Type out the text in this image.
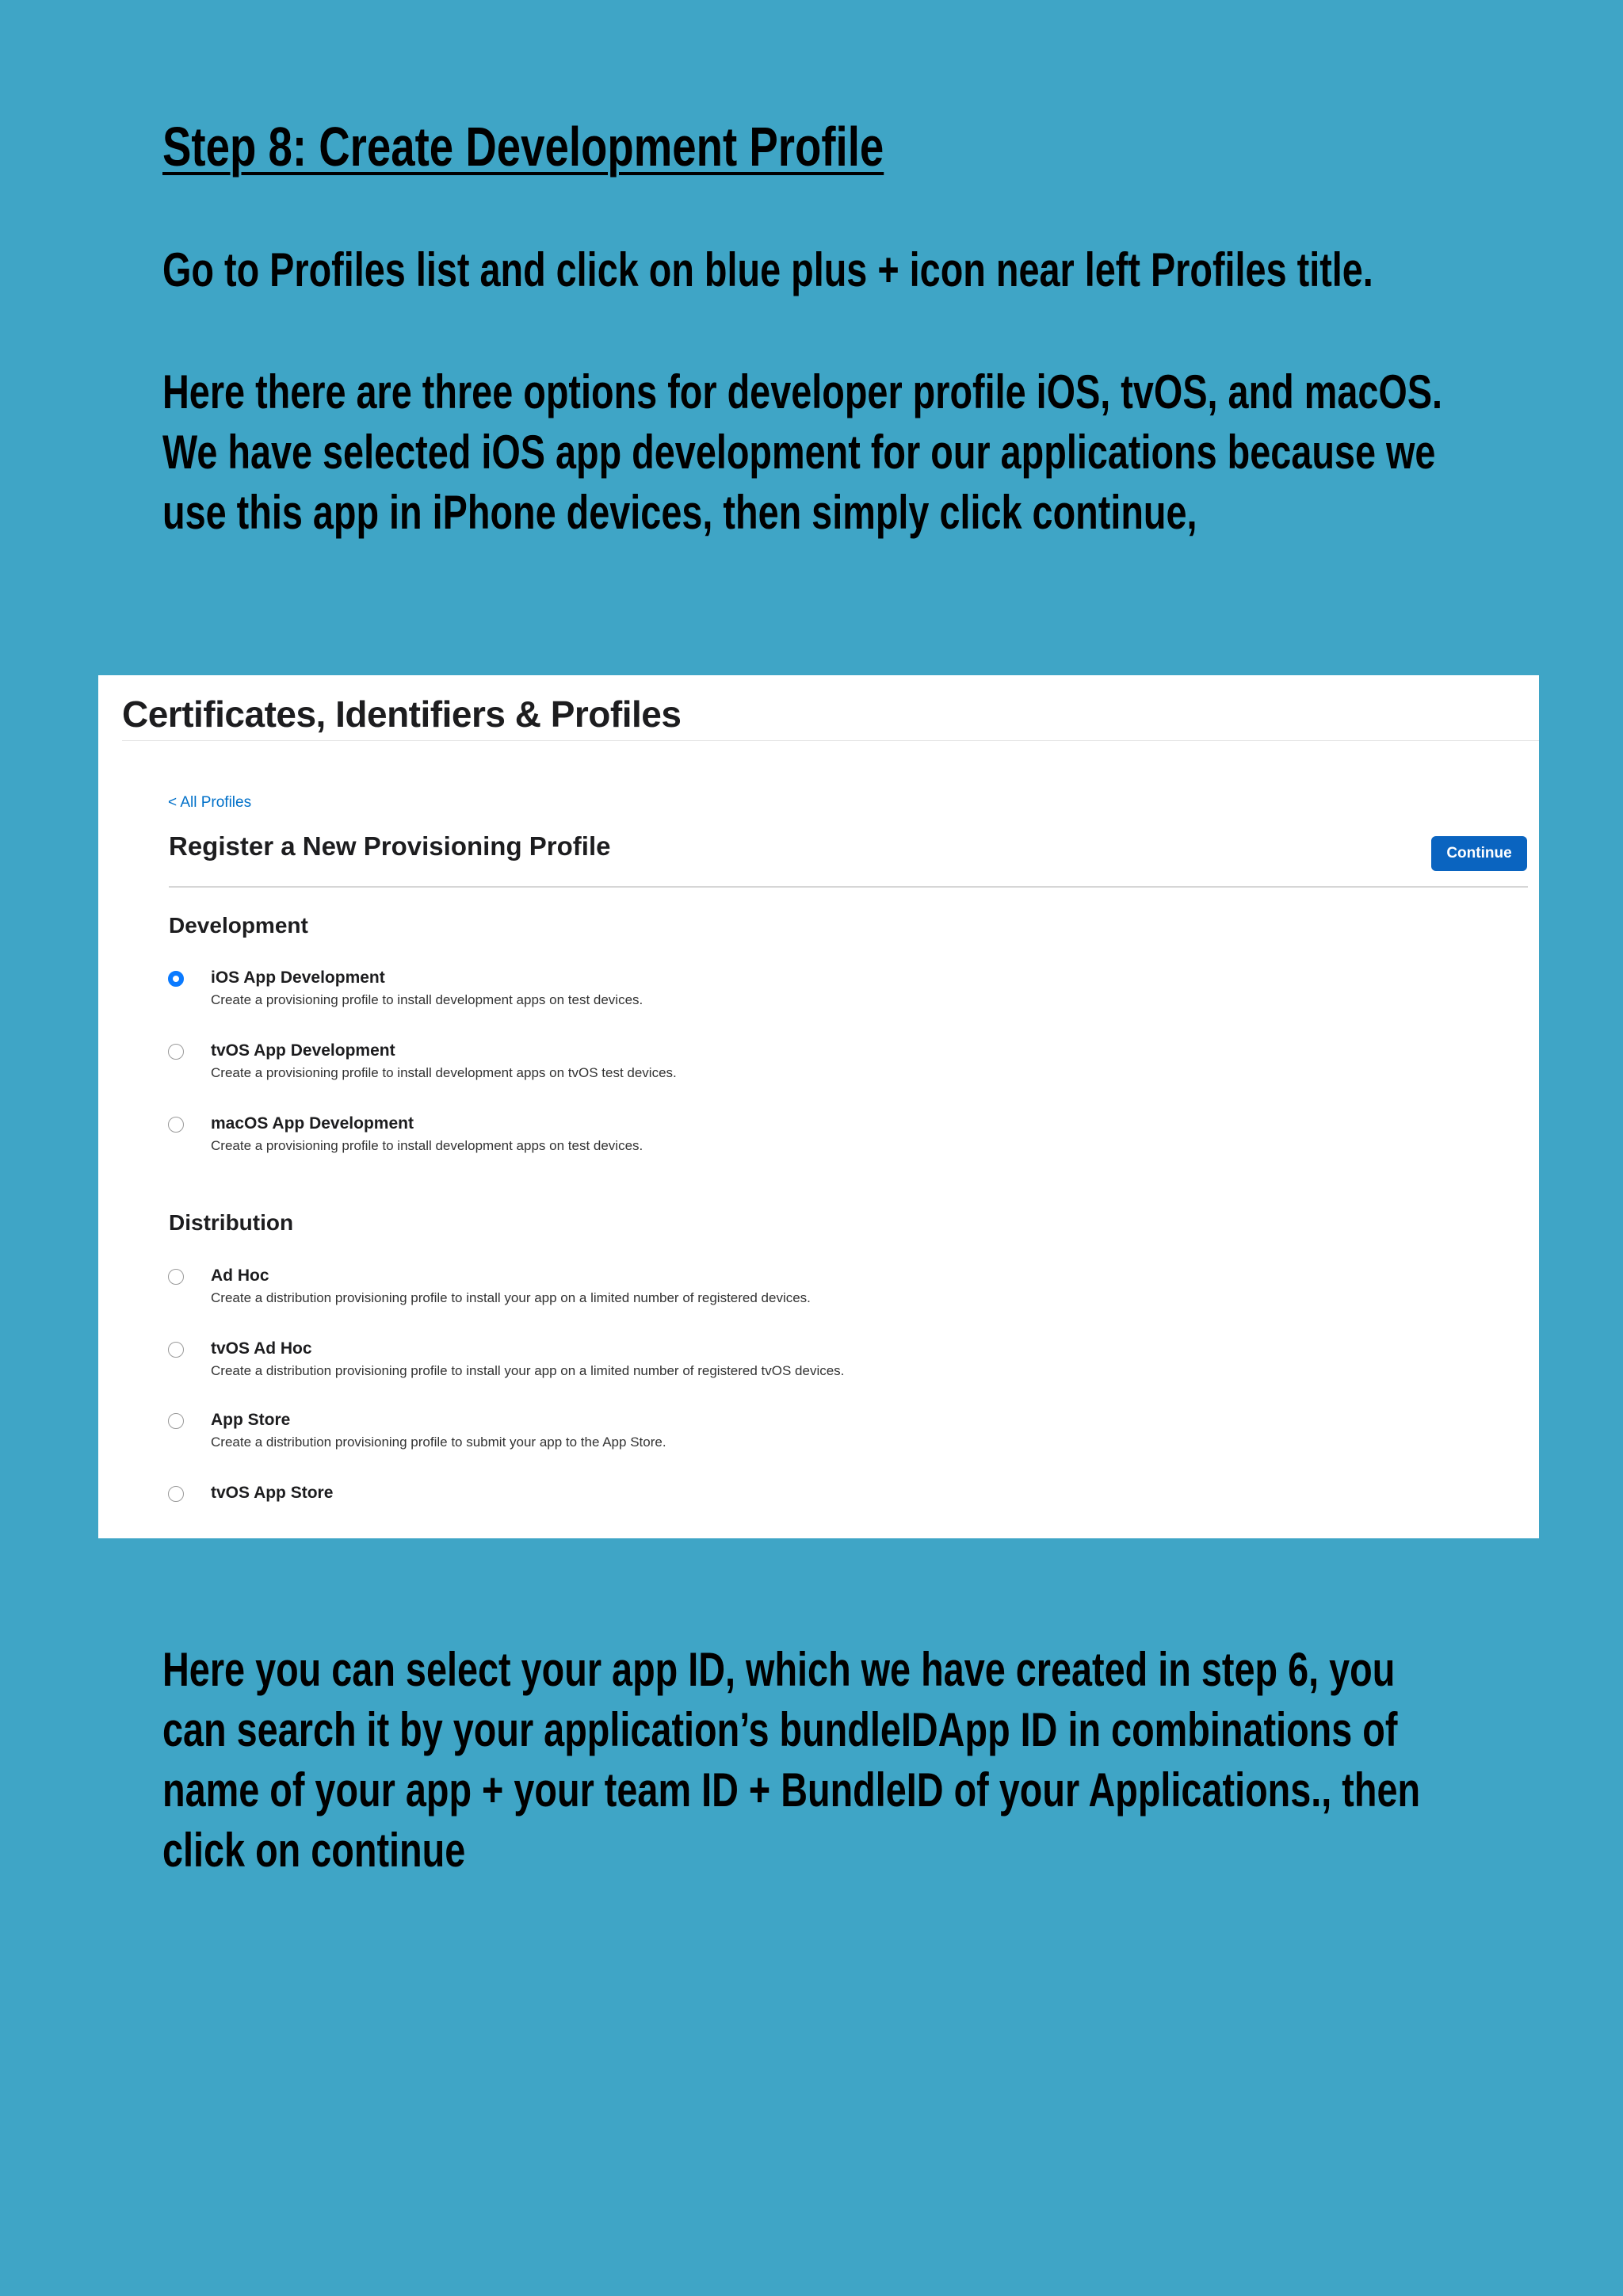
Step 8: Create Development Profile
Go to Profiles list and click on blue plus + icon near left Profiles title.
Here there are three options for developer profile iOS, tvOS, and macOS.
We have selected iOS app development for our applications because we
use this app in iPhone devices, then simply click continue,
Certificates, Identifiers & Profiles
< All Profiles
Register a New Provisioning Profile	Continue
Development
iOS App Development
Create a provisioning profile to install development apps on test devices.
tvOS App Development
Create a provisioning profile to install development apps on tvOS test devices.
macOS App Development
Create a provisioning profile to install development apps on test devices.
Distribution
Ad Hoc
Create a distribution provisioning profile to install your app on a limited number of registered devices.
tvOS Ad Hoc
Create a distribution provisioning profile to install your app on a limited number of registered tvOS devices.
App Store
Create a distribution provisioning profile to submit your app to the App Store.
tvOS App Store
Here you can select your app ID, which we have created in step 6, you
can search it by your application’s bundleIDApp ID in combinations of
name of your app + your team ID + BundleID of your Applications., then
click on continue
